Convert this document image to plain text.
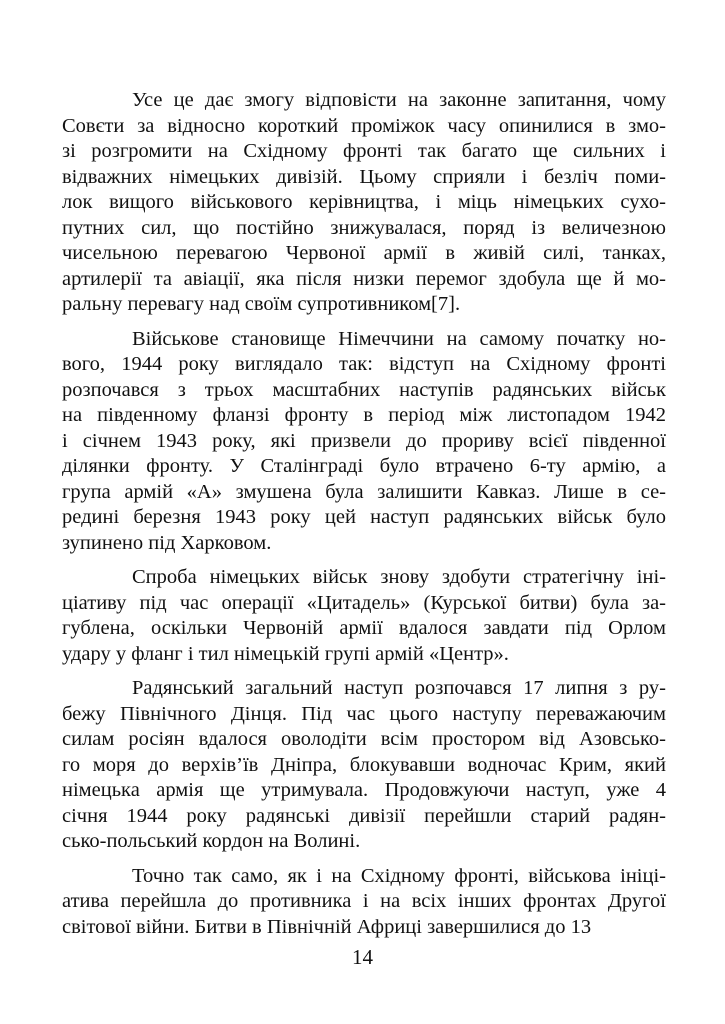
Усе це дає змогу відповісти на законне запитання, чому
Совєти за відносно короткий проміжок часу опинилися в змо-
зі розгромити на Східному фронті так багато ще сильних і
відважних німецьких дивізій. Цьому сприяли і безліч поми-
лок вищого військового керівництва, і міць німецьких сухо-
путних сил, що постійно знижувалася, поряд із величезною
чисельною перевагою Червоної армії в живій силі, танках,
артилерії та авіації, яка після низки перемог здобула ще й мо-
ральну перевагу над своїм супротивником[7].

Військове становище Німеччини на самому початку но-
вого, 1944 року виглядало так: відступ на Східному фронті
розпочався з трьох масштабних наступів радянських військ
на південному фланзі фронту в період між листопадом 1942
і січнем 1943 року, які призвели до прориву всієї південної
ділянки фронту. У Сталінграді було втрачено 6-ту армію, а
група армій «А» змушена була залишити Кавказ. Лише в се-
редині березня 1943 року цей наступ радянських військ було
зупинено під Харковом.

Спроба німецьких військ знову здобути стратегічну іні-
ціативу під час операції «Цитадель» (Курської битви) була за-
гублена, оскільки Червоній армії вдалося завдати під Орлом
удару у фланг і тил німецькій групі армій «Центр».

Радянський загальний наступ розпочався 17 липня з ру-
бежу Північного Дінця. Під час цього наступу переважаючим
силам росіян вдалося оволодіти всім простором від Азовсько-
го моря до верхів’їв Дніпра, блокувавши водночас Крим, який
німецька армія ще утримувала. Продовжуючи наступ, уже 4
січня 1944 року радянські дивізії перейшли старий радян-
сько-польський кордон на Волині.

Точно так само, як і на Східному фронті, військова ініці-
атива перейшла до противника і на всіх інших фронтах Другої
світової війни. Битви в Північній Африці завершилися до 13

14
